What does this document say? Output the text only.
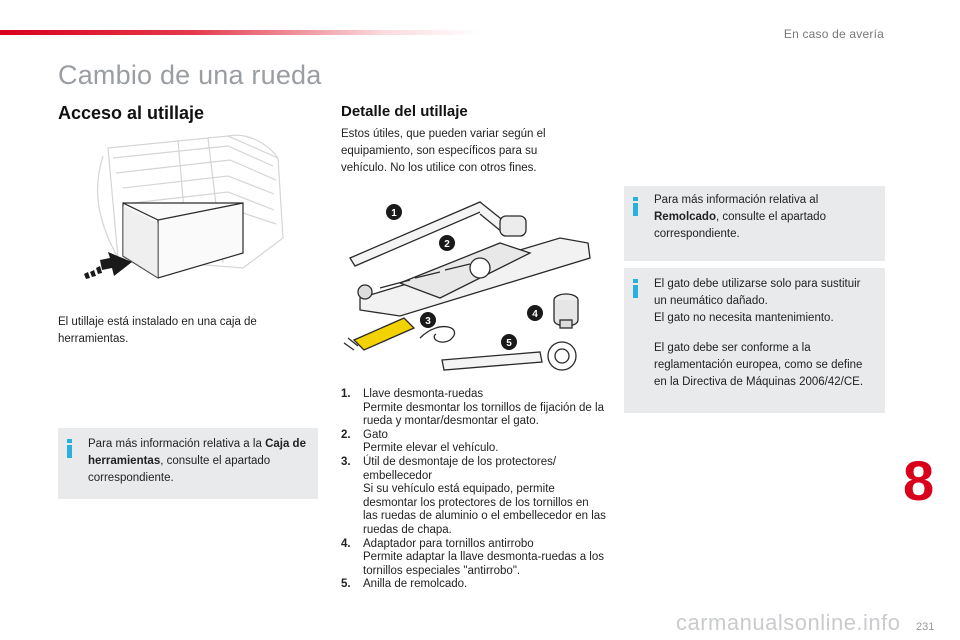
En caso de avería
Cambio de una rueda
Acceso al utillaje
El utillaje está instalado en una caja de herramientas.
Para más información relativa a la Caja de herramientas, consulte el apartado correspondiente.
Detalle del utillaje
Estos útiles, que pueden variar según el equipamiento, son específicos para su vehículo. No los utilice con otros fines.
1
2
3
4
5
1.	Llave desmonta-ruedas
Permite desmontar los tornillos de fijación de la rueda y montar/desmontar el gato.
2.	Gato
Permite elevar el vehículo.
3.	Útil de desmontaje de los protectores/ embellecedor
Si su vehículo está equipado, permite desmontar los protectores de los tornillos en las ruedas de aluminio o el embellecedor en las ruedas de chapa.
4.	Adaptador para tornillos antirrobo
Permite adaptar la llave desmonta-ruedas a los tornillos especiales "antirrobo".
5.	Anilla de remolcado.
Para más información relativa al Remolcado, consulte el apartado correspondiente.
El gato debe utilizarse solo para sustituir un neumático dañado.
El gato no necesita mantenimiento.
El gato debe ser conforme a la reglamentación europea, como se define en la Directiva de Máquinas 2006/42/CE.
8
carmanualsonline.info 231
